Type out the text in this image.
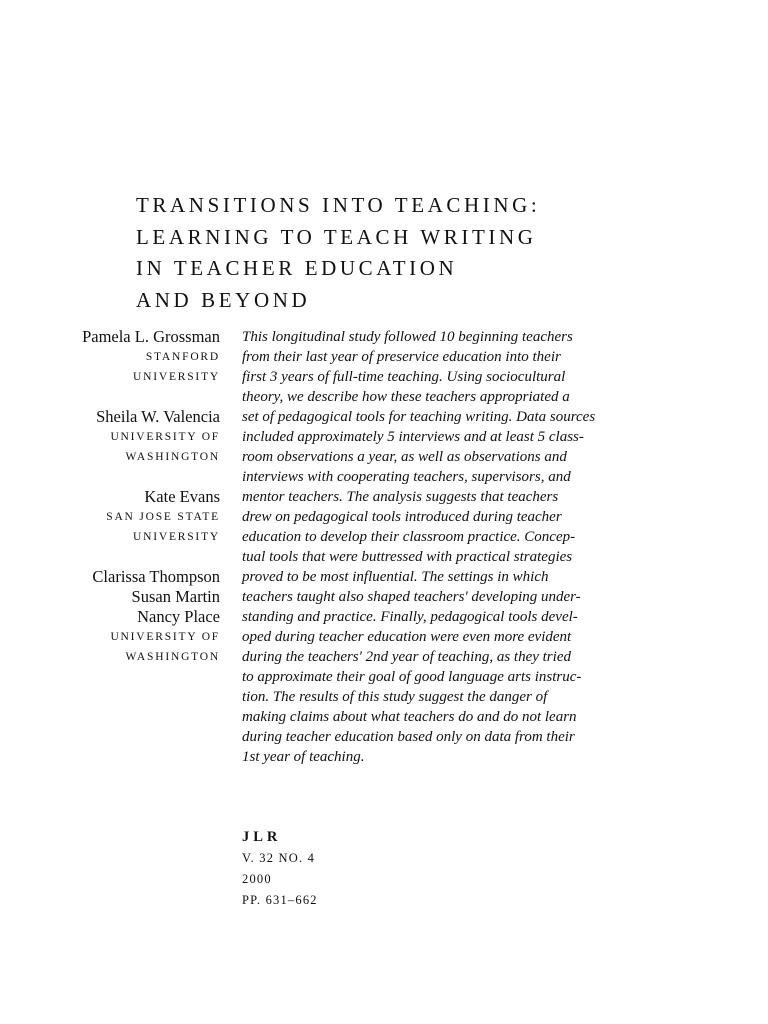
TRANSITIONS INTO TEACHING:
LEARNING TO TEACH WRITING
IN TEACHER EDUCATION
AND BEYOND
Pamela L. Grossman
STANFORD
UNIVERSITY
Sheila W. Valencia
UNIVERSITY OF
WASHINGTON
Kate Evans
SAN JOSE STATE
UNIVERSITY
Clarissa Thompson
Susan Martin
Nancy Place
UNIVERSITY OF
WASHINGTON
This longitudinal study followed 10 beginning teachers
from their last year of preservice education into their
first 3 years of full-time teaching. Using sociocultural
theory, we describe how these teachers appropriated a
set of pedagogical tools for teaching writing. Data sources
included approximately 5 interviews and at least 5 class-
room observations a year, as well as observations and
interviews with cooperating teachers, supervisors, and
mentor teachers. The analysis suggests that teachers
drew on pedagogical tools introduced during teacher
education to develop their classroom practice. Concep-
tual tools that were buttressed with practical strategies
proved to be most influential. The settings in which
teachers taught also shaped teachers' developing under-
standing and practice. Finally, pedagogical tools devel-
oped during teacher education were even more evident
during the teachers' 2nd year of teaching, as they tried
to approximate their goal of good language arts instruc-
tion. The results of this study suggest the danger of
making claims about what teachers do and do not learn
during teacher education based only on data from their
1st year of teaching.
JLR
V. 32 NO. 4
2000
PP. 631–662
